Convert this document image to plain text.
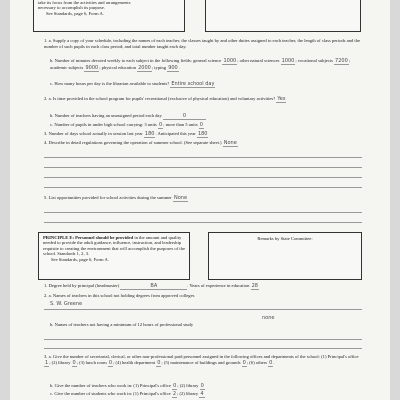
take its focus from the activities and arrangements
necessary to accomplish its purpose.
See Standards, page 6, Form A.
1. a. Supply a copy of your schedule, including the names of each teacher, the classes taught by and other duties assigned to each teacher, the length of class periods and the number of such pupils in each class period; and total number taught each day.
b. Number of minutes devoted weekly to each subject in the following fields: general science 1000; other natural sciences 1000; vocational subjects 7200; academic subjects 9000; physical education 2000; typing 900.
c. How many hours per day is the librarian available to students? Entire school day
2. a. Is time provided in the school program for pupils' recreational (exclusive of physical education) and voluntary activities? Yes
b. Number of teachers having an unassigned period each day	0
c. Number of pupils in under high school carrying: 3 units 0; more than 5 units 0
3. Number of days school actually in session last year 180. Anticipated this year 180
4. Describe in detail regulations governing the operation of summer school. (See separate sheet.) None
5. List opportunities provided for school activities during the summer None
PRINCIPLE E: Personnel should be provided in the amount and quality needed to provide the adult guidance, influence, instruction, and leadership requisite to creating the environment that will accomplish the purposes of the school. Standards 1, 2, 3.
See Standards, page 6, Form A.
Remarks by State Committee:
1. Degree held by principal (headmaster)	BA	. Years of experience in education 28
2. a. Names of teachers in this school not holding degrees from approved colleges
S. W. Greene
none
b. Names of teachers not having a minimum of 12 hours of professional study
3. a. Give the number of secretarial, clerical, or other non-professional paid personnel assigned in the following offices and departments of the school: (1) Principal's office 1; (2) library 0; (3) lunch room 0; (4) health department 0; (5) maintenance of buildings and grounds 0; (6) others 0.
b. Give the number of teachers who work in: (1) Principal's office 0; (2) library 0
c. Give the number of students who work in: (1) Principal's office 2; (2) library 4
